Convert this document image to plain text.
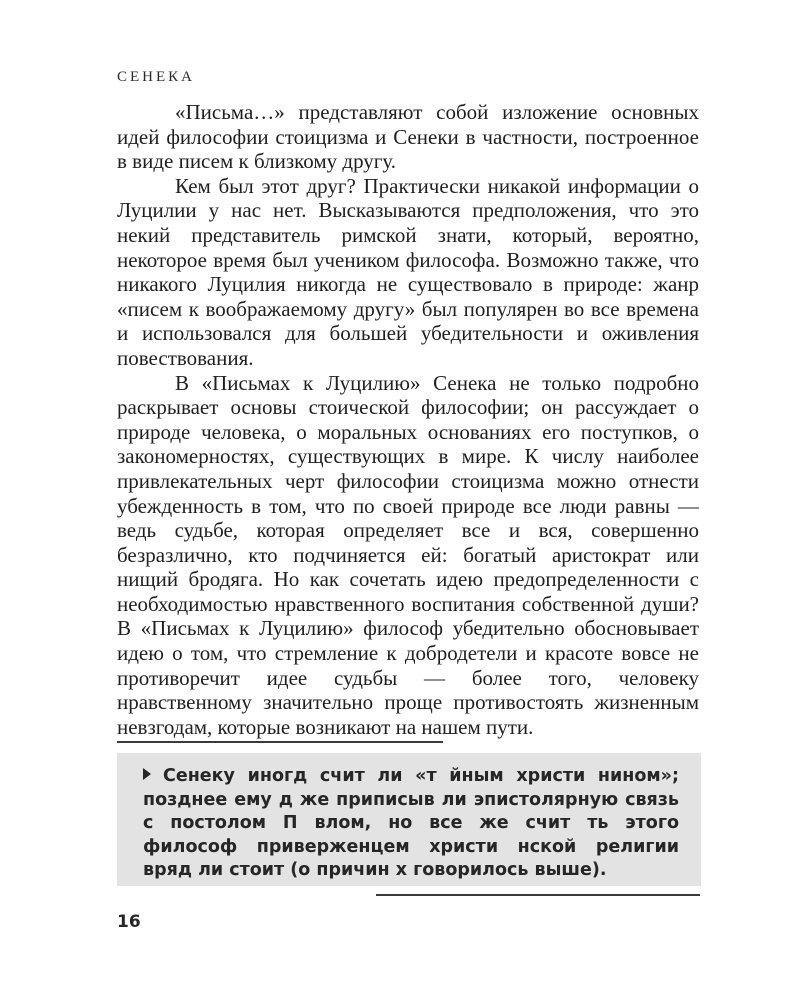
СЕНЕКА

«Письма…» представляют собой изложение основных идей философии стоицизма и Сенеки в частности, построенное в виде писем к близкому другу.

Кем был этот друг? Практически никакой информации о Луцилии у нас нет. Высказываются предположения, что это некий представитель римской знати, который, вероятно, некоторое время был учеником философа. Возможно также, что никакого Луцилия никогда не существовало в природе: жанр «писем к воображаемому другу» был популярен во все времена и использовался для большей убедительности и оживления повествования.

В «Письмах к Луцилию» Сенека не только подробно раскрывает основы стоической философии; он рассуждает о природе человека, о моральных основаниях его поступков, о закономерностях, существующих в мире. К числу наиболее привлекательных черт философии стоицизма можно отнести убежденность в том, что по своей природе все люди равны — ведь судьбе, которая определяет все и вся, совершенно безразлично, кто подчиняется ей: богатый аристократ или нищий бродяга. Но как сочетать идею предопределенности с необходимостью нравственного воспитания собственной души? В «Письмах к Луцилию» философ убедительно обосновывает идею о том, что стремление к добродетели и красоте вовсе не противоречит идее судьбы — более того, человеку нравственному значительно проще противостоять жизненным невзгодам, которые возникают на нашем пути.

Сенеку иногд счит ли «т йным христи нином»; позднее ему д же приписыв ли эпистолярную связь с постолом П влом, но все же счит ть этого философ приверженцем христи нской религии вряд ли стоит (о причин х говорилось выше).
16
